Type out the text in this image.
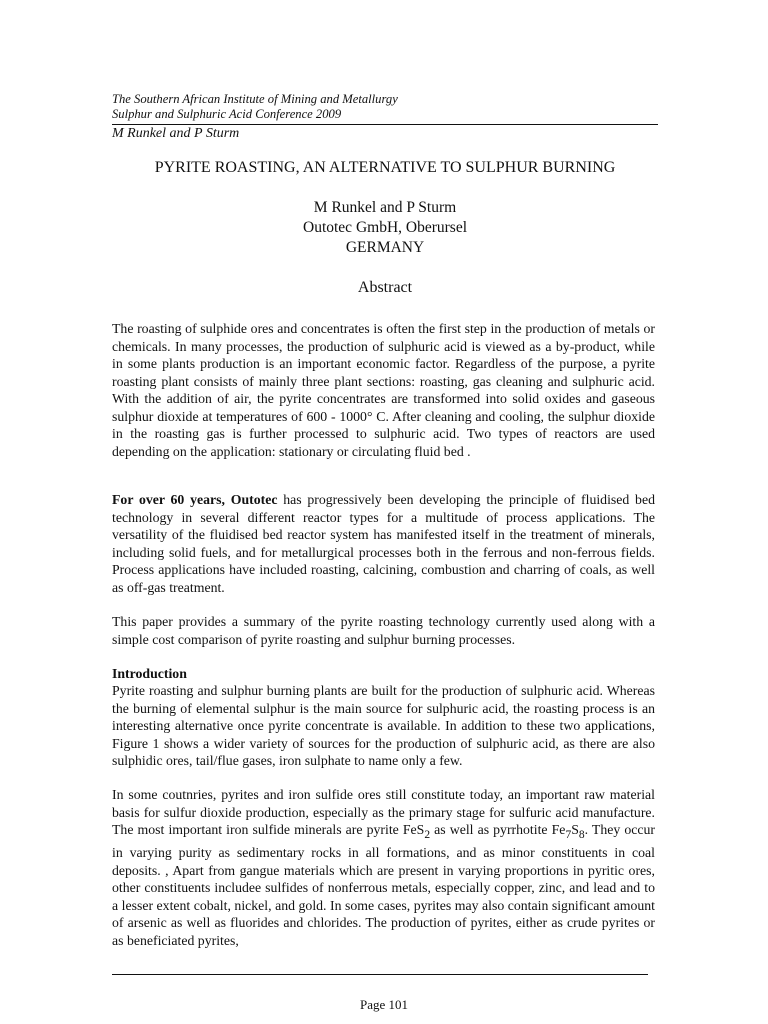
The Southern African Institute of Mining and Metallurgy
Sulphur and Sulphuric Acid Conference 2009
M Runkel and P Sturm
PYRITE ROASTING, AN ALTERNATIVE TO SULPHUR BURNING
M Runkel and P Sturm
Outotec GmbH, Oberursel
GERMANY
Abstract

The roasting of sulphide ores and concentrates is often the first step in the production of metals or chemicals. In many processes, the production of sulphuric acid is viewed as a by-product, while in some plants production is an important economic factor. Regardless of the purpose, a pyrite roasting plant consists of mainly three plant sections: roasting, gas cleaning and sulphuric acid. With the addition of air, the pyrite concentrates are transformed into solid oxides and gaseous sulphur dioxide at temperatures of 600 - 1000° C. After cleaning and cooling, the sulphur dioxide in the roasting gas is further processed to sulphuric acid. Two types of reactors are used depending on the application: stationary or circulating fluid bed .

For over 60 years, Outotec has progressively been developing the principle of fluidised bed technology in several different reactor types for a multitude of process applications. The versatility of the fluidised bed reactor system has manifested itself in the treatment of minerals, including solid fuels, and for metallurgical processes both in the ferrous and non-ferrous fields. Process applications have included roasting, calcining, combustion and charring of coals, as well as off-gas treatment.

This paper provides a summary of the pyrite roasting technology currently used along with a simple cost comparison of pyrite roasting and sulphur burning processes.

Introduction

Pyrite roasting and sulphur burning plants are built for the production of sulphuric acid. Whereas the burning of elemental sulphur is the main source for sulphuric acid, the roasting process is an interesting alternative once pyrite concentrate is available. In addition to these two applications, Figure 1 shows a wider variety of sources for the production of sulphuric acid, as there are also sulphidic ores, tail/flue gases, iron sulphate to name only a few.

In some coutnries, pyrites and iron sulfide ores still constitute today, an important raw material basis for sulfur dioxide production, especially as the primary stage for sulfuric acid manufacture. The most important iron sulfide minerals are pyrite FeS$_2$ as well as pyrrhotite $Fe_7S_8$. They occur in varying purity as sedimentary rocks in all formations, and as minor constituents in coal deposits. , Apart from gangue materials which are present in varying proportions in pyritic ores, other constituents includee sulfides of nonferrous metals, especially copper, zinc, and lead and to a lesser extent cobalt, nickel, and gold. In some cases, pyrites may also contain significant amount of arsenic as well as fluorides and chlorides. The production of pyrites, either as crude pyrites or as beneficiated pyrites,

Page 101
